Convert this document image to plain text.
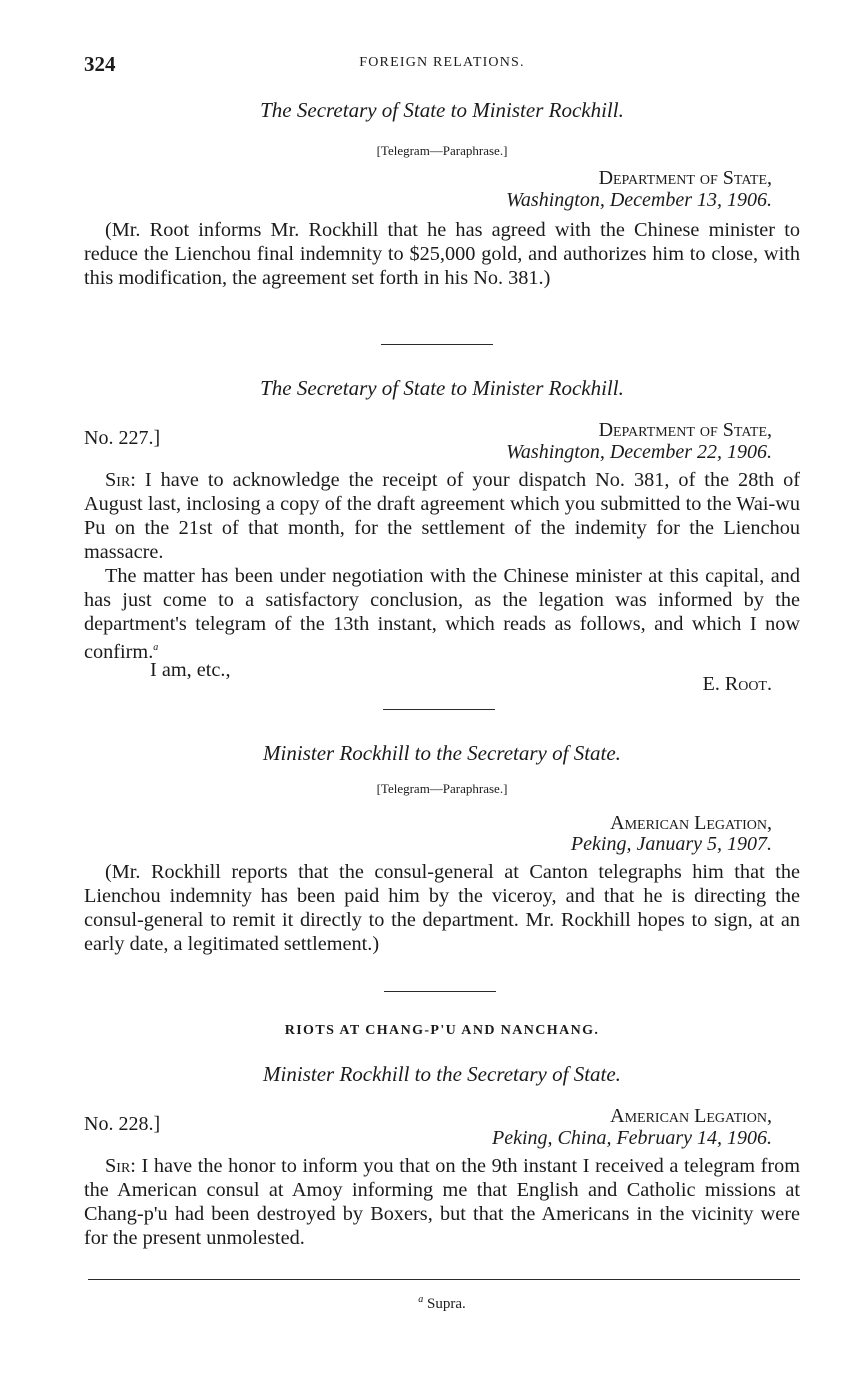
324	FOREIGN RELATIONS.
The Secretary of State to Minister Rockhill.
[Telegram—Paraphrase.]
Department of State,
Washington, December 13, 1906.
(Mr. Root informs Mr. Rockhill that he has agreed with the Chinese minister to reduce the Lienchou final indemnity to $25,000 gold, and authorizes him to close, with this modification, the agreement set forth in his No. 381.)
The Secretary of State to Minister Rockhill.
No. 227.]	Department of State,
Washington, December 22, 1906.
Sir: I have to acknowledge the receipt of your dispatch No. 381, of the 28th of August last, inclosing a copy of the draft agreement which you submitted to the Wai-wu Pu on the 21st of that month, for the settlement of the indemity for the Lienchou massacre.
The matter has been under negotiation with the Chinese minister at this capital, and has just come to a satisfactory conclusion, as the legation was informed by the department's telegram of the 13th instant, which reads as follows, and which I now confirm.$^a$
I am, etc.,
E. Root.
Minister Rockhill to the Secretary of State.
[Telegram—Paraphrase.]
American Legation,
Peking, January 5, 1907.
(Mr. Rockhill reports that the consul-general at Canton telegraphs him that the Lienchou indemnity has been paid him by the viceroy, and that he is directing the consul-general to remit it directly to the department. Mr. Rockhill hopes to sign, at an early date, a legitimated settlement.)
RIOTS AT CHANG-P'U AND NANCHANG.
Minister Rockhill to the Secretary of State.
No. 228.]	American Legation,
Peking, China, February 14, 1906.
Sir: I have the honor to inform you that on the 9th instant I received a telegram from the American consul at Amoy informing me that English and Catholic missions at Chang-p'u had been destroyed by Boxers, but that the Americans in the vicinity were for the present unmolested.
$^a$ Supra.
